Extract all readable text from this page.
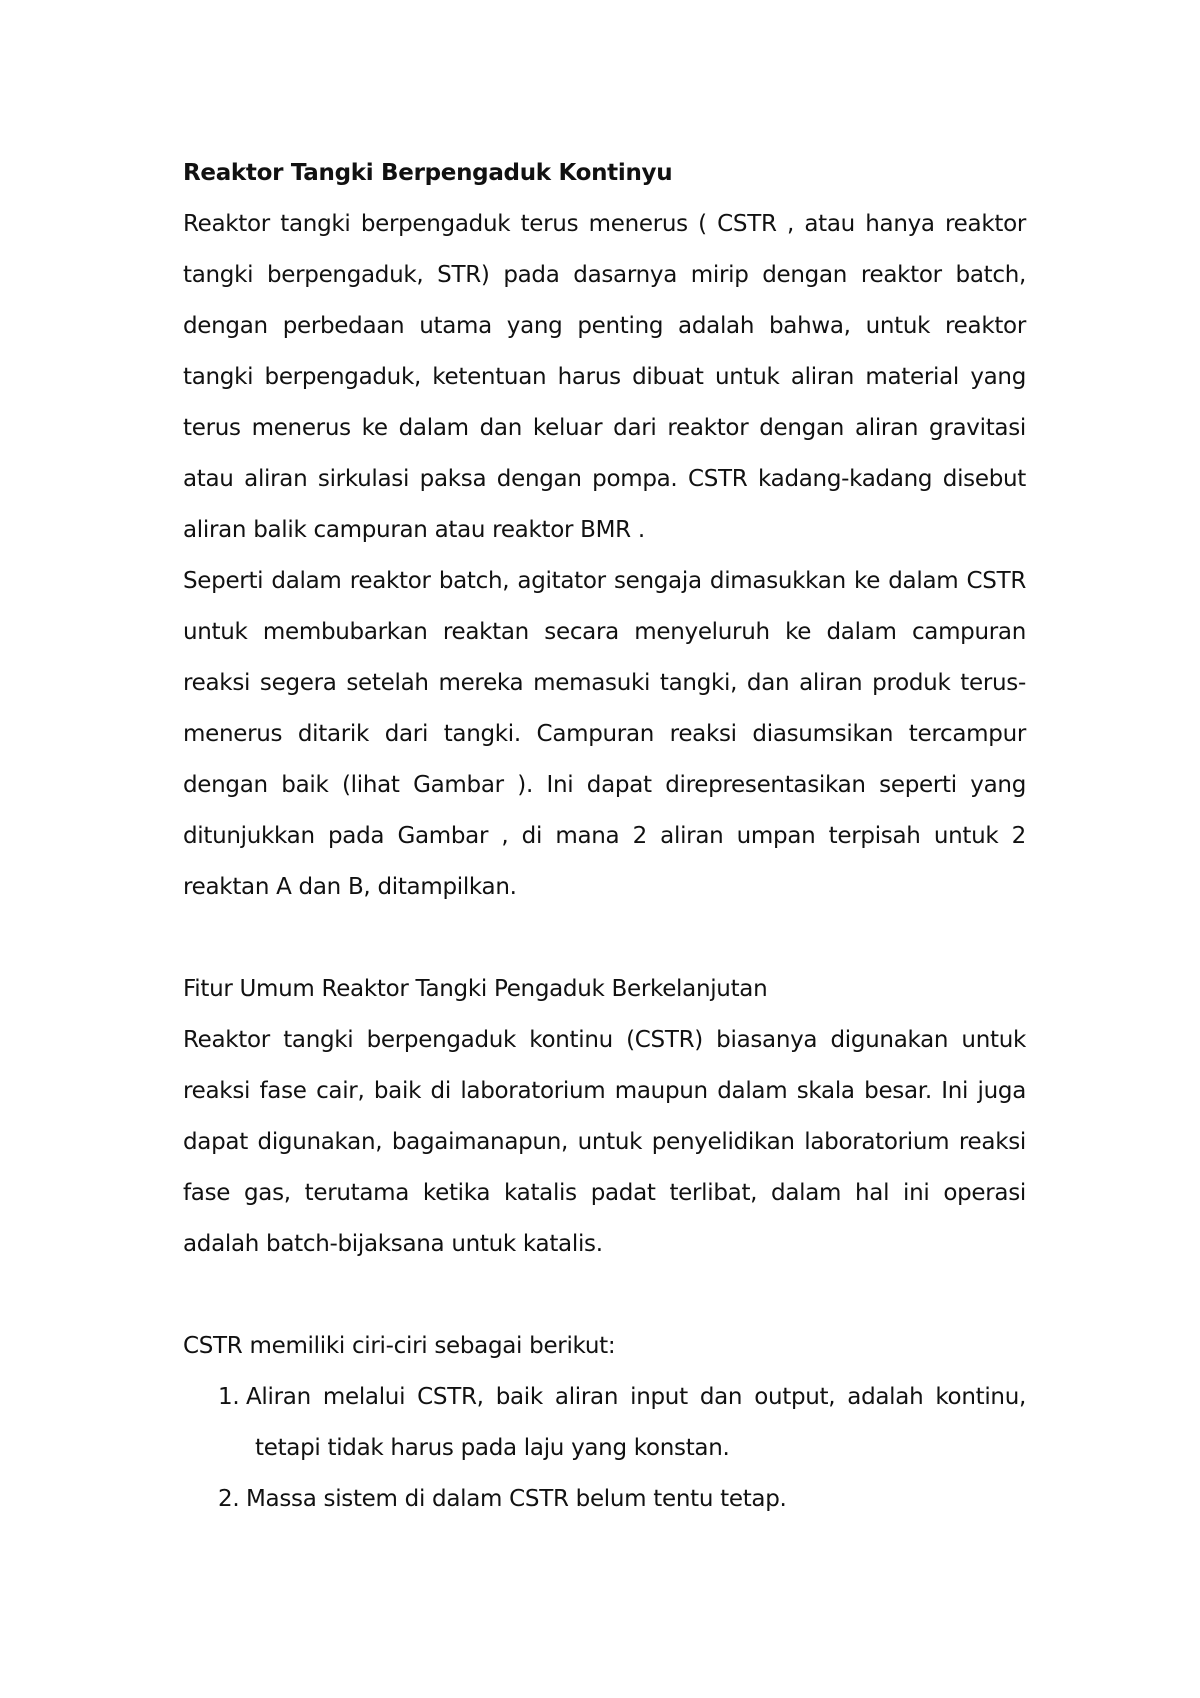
Reaktor Tangki Berpengaduk Kontinyu

Reaktor tangki berpengaduk terus menerus ( CSTR , atau hanya reaktor tangki berpengaduk, STR) pada dasarnya mirip dengan reaktor batch, dengan perbedaan utama yang penting adalah bahwa, untuk reaktor tangki berpengaduk, ketentuan harus dibuat untuk aliran material yang terus menerus ke dalam dan keluar dari reaktor dengan aliran gravitasi atau aliran sirkulasi paksa dengan pompa. CSTR kadang-kadang disebut aliran balik campuran atau reaktor BMR .

Seperti dalam reaktor batch, agitator sengaja dimasukkan ke dalam CSTR untuk membubarkan reaktan secara menyeluruh ke dalam campuran reaksi segera setelah mereka memasuki tangki, dan aliran produk terus-menerus ditarik dari tangki. Campuran reaksi diasumsikan tercampur dengan baik (lihat Gambar ). Ini dapat direpresentasikan seperti yang ditunjukkan pada Gambar , di mana 2 aliran umpan terpisah untuk 2 reaktan A dan B, ditampilkan.

Fitur Umum Reaktor Tangki Pengaduk Berkelanjutan

Reaktor tangki berpengaduk kontinu (CSTR) biasanya digunakan untuk reaksi fase cair, baik di laboratorium maupun dalam skala besar. Ini juga dapat digunakan, bagaimanapun, untuk penyelidikan laboratorium reaksi fase gas, terutama ketika katalis padat terlibat, dalam hal ini operasi adalah batch-bijaksana untuk katalis.

CSTR memiliki ciri-ciri sebagai berikut:
1. Aliran melalui CSTR, baik aliran input dan output, adalah kontinu, tetapi tidak harus pada laju yang konstan.
2. Massa sistem di dalam CSTR belum tentu tetap.
